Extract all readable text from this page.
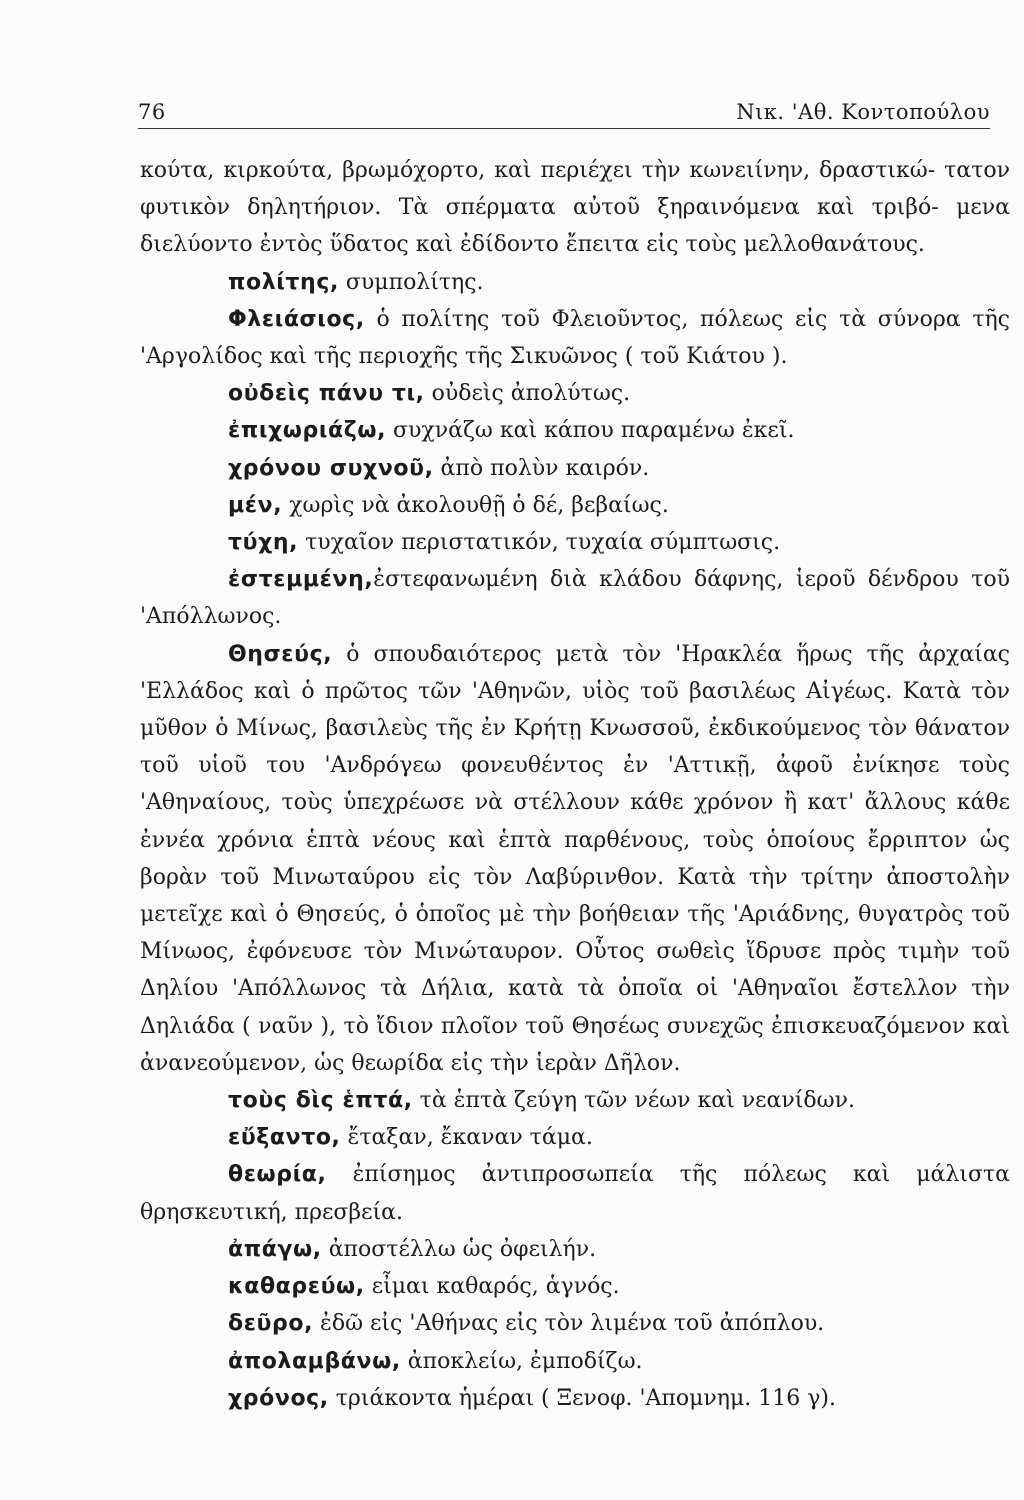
76	Νικ. 'Αθ. Κοντοπούλου

κούτα, κιρκούτα, βρωμόχορτο, καὶ περιέχει τὴν κωνειίνην, δραστικώ- τατον φυτικὸν δηλητήριον. Τὰ σπέρματα αὐτοῦ ξηραινόμενα καὶ τριβό- μενα διελύοντο ἐντὸς ὕδατος καὶ ἐδίδοντο ἔπειτα εἰς τοὺς μελλοθανάτους.

πολίτης, συμπολίτης.

Φλειάσιος, ὁ πολίτης τοῦ Φλειοῦντος, πόλεως εἰς τὰ σύνορα τῆς 'Αργολίδος καὶ τῆς περιοχῆς τῆς Σικυῶνος ( τοῦ Κιάτου ).

οὐδεὶς πάνυ τι, οὐδεὶς ἀπολύτως.

ἐπιχωριάζω, συχνάζω καὶ κάπου παραμένω ἐκεῖ.

χρόνου συχνοῦ, ἀπὸ πολὺν καιρόν.

μέν, χωρὶς νὰ ἀκολουθῇ ὁ δέ, βεβαίως.

τύχη, τυχαῖον περιστατικόν, τυχαία σύμπτωσις.

ἐστεμμένη,ἐστεφανωμένη διὰ κλάδου δάφνης, ἱεροῦ δένδρου τοῦ 'Απόλλωνος.

Θησεύς, ὁ σπουδαιότερος μετὰ τὸν 'Ηρακλέα ἥρως τῆς ἀρχαίας 'Ελλάδος καὶ ὁ πρῶτος τῶν 'Αθηνῶν, υἱὸς τοῦ βασιλέως Αἰγέως. Κατὰ τὸν μῦθον ὁ Μίνως, βασιλεὺς τῆς ἐν Κρήτῃ Κνωσσοῦ, ἐκδικούμενος τὸν θάνατον τοῦ υἱοῦ του 'Ανδρόγεω φονευθέντος ἐν 'Αττικῇ, ἀφοῦ ἐνίκησε τοὺς 'Αθηναίους, τοὺς ὑπεχρέωσε νὰ στέλλουν κάθε χρόνον ἢ κατ' ἄλλους κάθε ἐννέα χρόνια ἑπτὰ νέους καὶ ἑπτὰ παρθένους, τοὺς ὁποίους ἔρριπτον ὡς βορὰν τοῦ Μινωταύρου εἰς τὸν Λαβύρινθον. Κατὰ τὴν τρίτην ἀποστολὴν μετεῖχε καὶ ὁ Θησεύς, ὁ ὁποῖος μὲ τὴν βοήθειαν τῆς 'Αριάδνης, θυγατρὸς τοῦ Μίνωος, ἐφόνευσε τὸν Μινώταυρον. Οὗτος σωθεὶς ἵδρυσε πρὸς τιμὴν τοῦ Δηλίου 'Απόλλωνος τὰ Δήλια, κατὰ τὰ ὁποῖα οἱ 'Αθηναῖοι ἔστελλον τὴν Δηλιάδα ( ναῦν ), τὸ ἴδιον πλοῖον τοῦ Θησέως συνεχῶς ἐπισκευαζόμενον καὶ ἀνανεούμενον, ὡς θεωρίδα εἰς τὴν ἱερὰν Δῆλον.

τοὺς δὶς ἑπτά, τὰ ἑπτὰ ζεύγη τῶν νέων καὶ νεανίδων.

εὔξαντο, ἔταξαν, ἔκαναν τάμα.

θεωρία, ἐπίσημος ἀντιπροσωπεία τῆς πόλεως καὶ μάλιστα θρησκευτική, πρεσβεία.

ἀπάγω, ἀποστέλλω ὡς ὀφειλήν.

καθαρεύω, εἶμαι καθαρός, ἁγνός.

δεῦρο, ἐδῶ εἰς 'Αθήνας εἰς τὸν λιμένα τοῦ ἀπόπλου.

ἀπολαμβάνω, ἀποκλείω, ἐμποδίζω.

χρόνος, τριάκοντα ἡμέραι ( Ξενοφ. 'Απομνημ. 116 γ).
